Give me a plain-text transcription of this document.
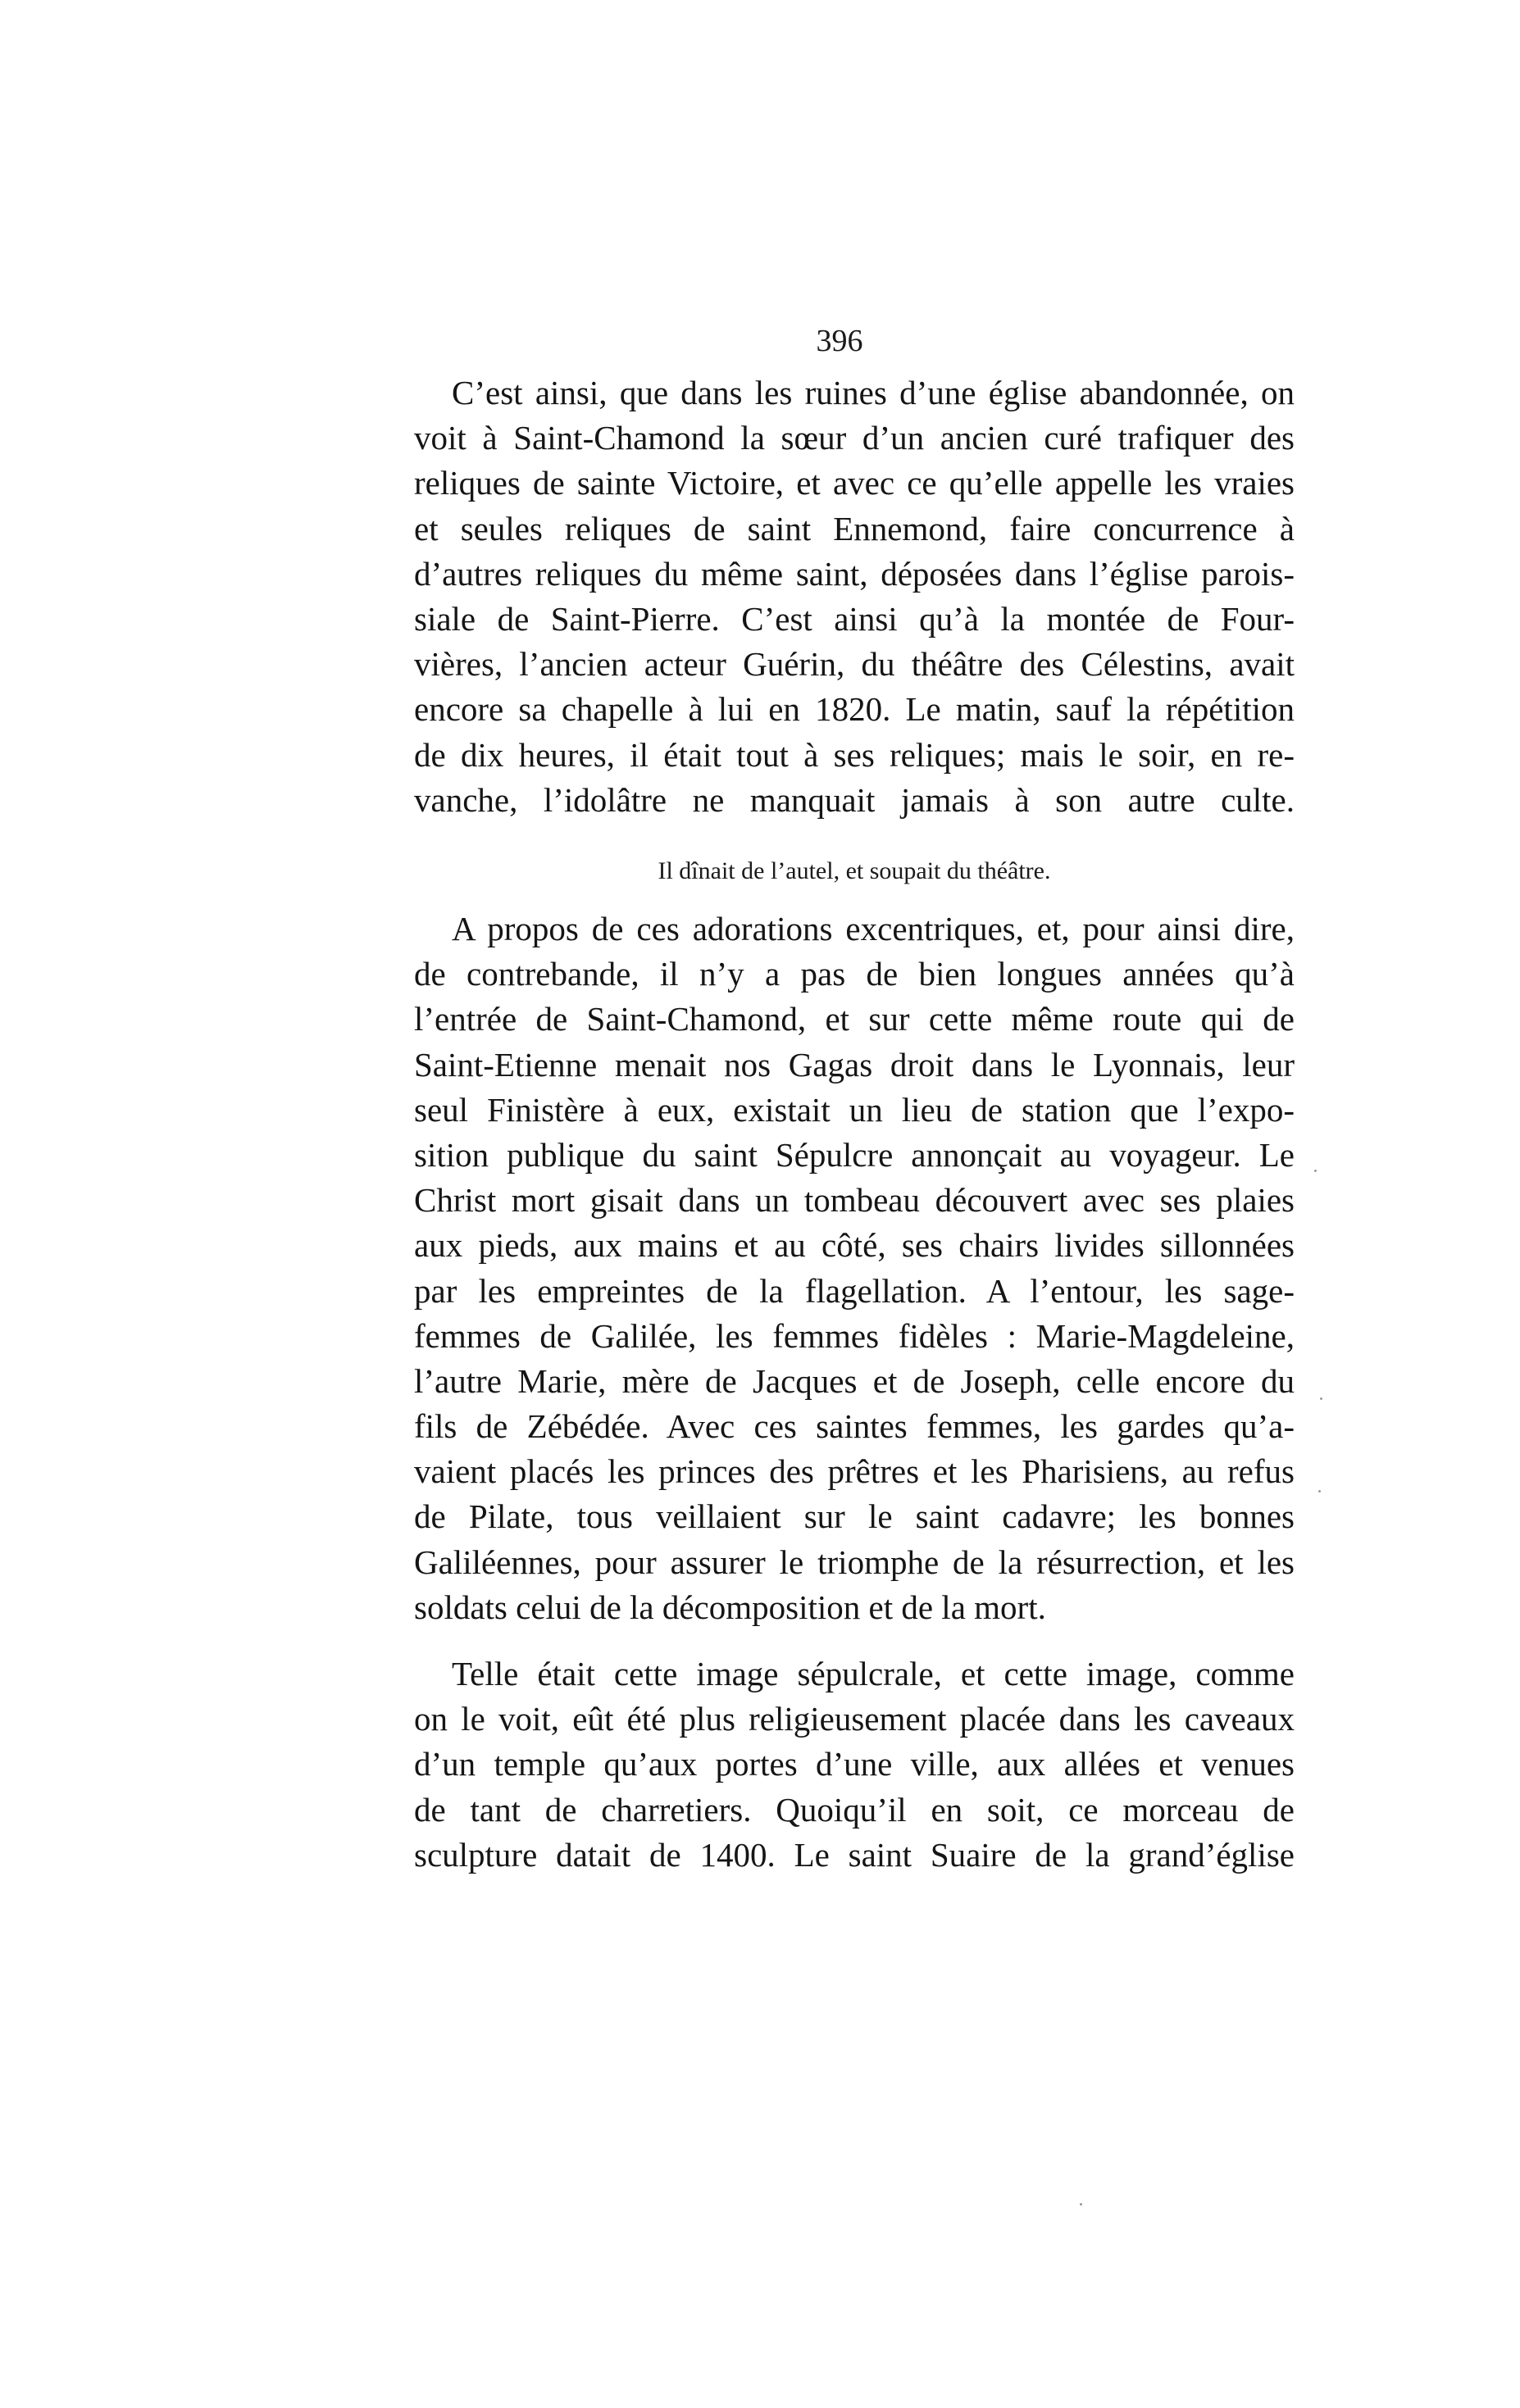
396
C’est ainsi, que dans les ruines d’une église abandonnée, on
voit à Saint-Chamond la sœur d’un ancien curé trafiquer des
reliques de sainte Victoire, et avec ce qu’elle appelle les vraies
et seules reliques de saint Ennemond, faire concurrence à
d’autres reliques du même saint, déposées dans l’église parois-
siale de Saint-Pierre. C’est ainsi qu’à la montée de Four-
vières, l’ancien acteur Guérin, du théâtre des Célestins, avait
encore sa chapelle à lui en 1820. Le matin, sauf la répétition
de dix heures, il était tout à ses reliques; mais le soir, en re-
vanche, l’idolâtre ne manquait jamais à son autre culte.
Il dînait de l’autel, et soupait du théâtre.
A propos de ces adorations excentriques, et, pour ainsi dire,
de contrebande, il n’y a pas de bien longues années qu’à
l’entrée de Saint-Chamond, et sur cette même route qui de
Saint-Etienne menait nos Gagas droit dans le Lyonnais, leur
seul Finistère à eux, existait un lieu de station que l’expo-
sition publique du saint Sépulcre annonçait au voyageur. Le
Christ mort gisait dans un tombeau découvert avec ses plaies
aux pieds, aux mains et au côté, ses chairs livides sillonnées
par les empreintes de la flagellation. A l’entour, les sage-
femmes de Galilée, les femmes fidèles : Marie-Magdeleine,
l’autre Marie, mère de Jacques et de Joseph, celle encore du
fils de Zébédée. Avec ces saintes femmes, les gardes qu’a-
vaient placés les princes des prêtres et les Pharisiens, au refus
de Pilate, tous veillaient sur le saint cadavre; les bonnes
Galiléennes, pour assurer le triomphe de la résurrection, et les
soldats celui de la décomposition et de la mort.
Telle était cette image sépulcrale, et cette image, comme
on le voit, eût été plus religieusement placée dans les caveaux
d’un temple qu’aux portes d’une ville, aux allées et venues
de tant de charretiers. Quoiqu’il en soit, ce morceau de
sculpture datait de 1400. Le saint Suaire de la grand’église
